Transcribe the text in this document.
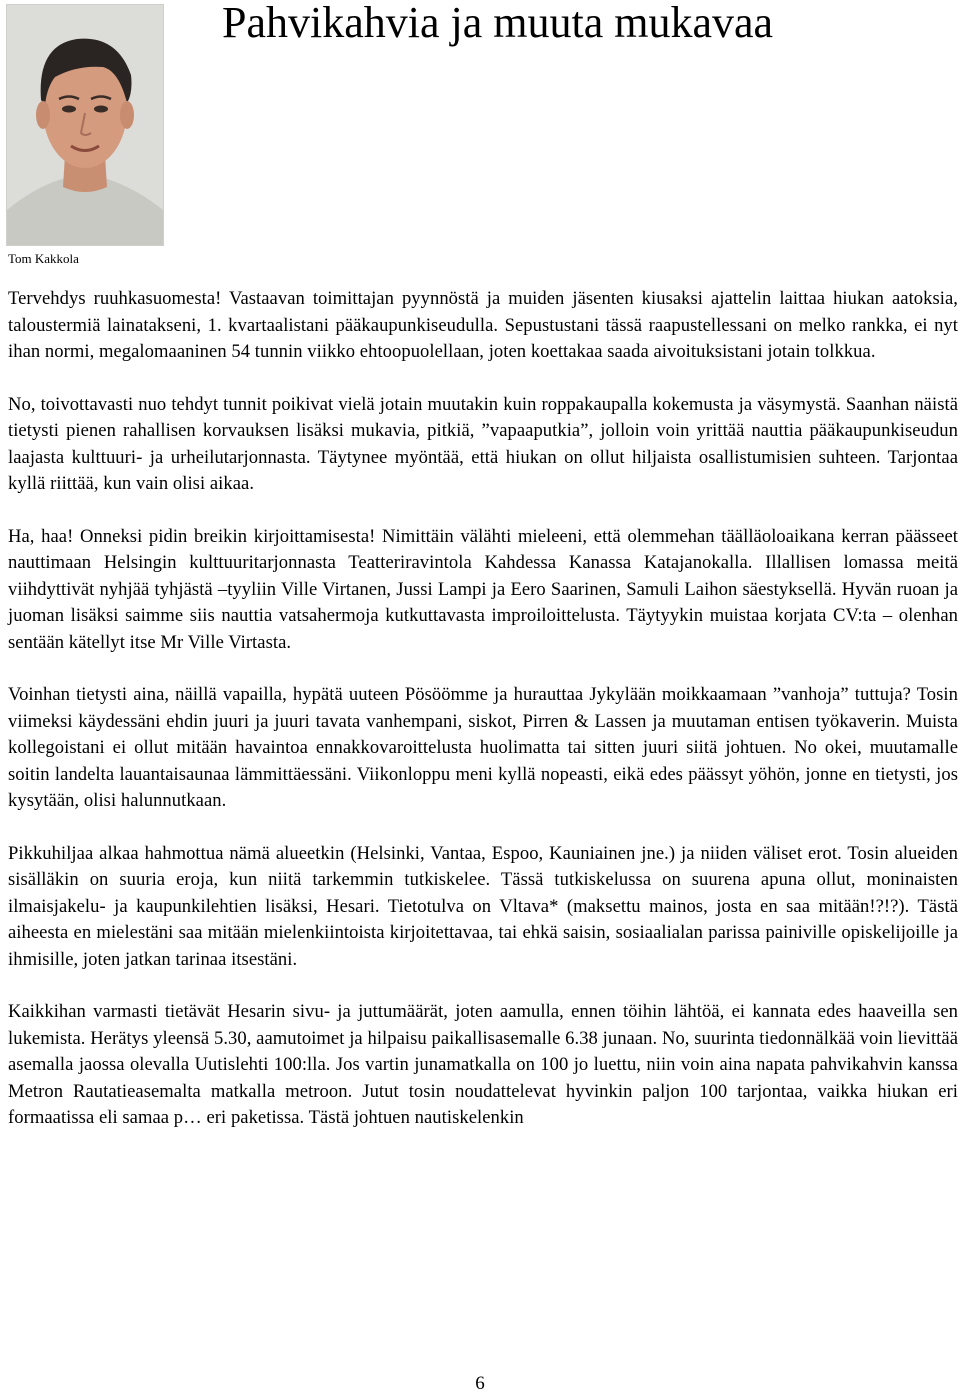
Tom Kakkola
Pahvikahvia ja muuta mukavaa

Tervehdys ruuhkasuomesta! Vastaavan toimittajan pyynnöstä ja muiden jäsenten kiusaksi ajattelin laittaa hiukan aatoksia, taloustermiä lainatakseni, 1. kvartaalistani pääkaupunkiseudulla. Sepustustani tässä raapustellessani on melko rankka, ei nyt ihan normi, megalomaaninen 54 tunnin viikko ehtoopuolellaan, joten koettakaa saada aivoituksistani jotain tolkkua.

No, toivottavasti nuo tehdyt tunnit poikivat vielä jotain muutakin kuin roppakaupalla kokemusta ja väsymystä. Saanhan näistä tietysti pienen rahallisen korvauksen lisäksi mukavia, pitkiä, ”vapaaputkia”, jolloin voin yrittää nauttia pääkaupunkiseudun laajasta kulttuuri- ja urheilutarjonnasta. Täytynee myöntää, että hiukan on ollut hiljaista osallistumisien suhteen. Tarjontaa kyllä riittää, kun vain olisi aikaa.

Ha, haa! Onneksi pidin breikin kirjoittamisesta! Nimittäin välähti mieleeni, että olemmehan täälläoloaikana kerran päässeet nauttimaan Helsingin kulttuuritarjonnasta Teatteriravintola Kahdessa Kanassa Katajanokalla. Illallisen lomassa meitä viihdyttivät nyhjää tyhjästä –tyyliin Ville Virtanen, Jussi Lampi ja Eero Saarinen, Samuli Laihon säestyksellä. Hyvän ruoan ja juoman lisäksi saimme siis nauttia vatsahermoja kutkuttavasta improiloittelusta. Täytyykin muistaa korjata CV:ta – olenhan sentään kätellyt itse Mr Ville Virtasta.

Voinhan tietysti aina, näillä vapailla, hypätä uuteen Pösöömme ja hurauttaa Jykylään moikkaamaan ”vanhoja” tuttuja? Tosin viimeksi käydessäni ehdin juuri ja juuri tavata vanhempani, siskot, Pirren & Lassen ja muutaman entisen työkaverin. Muista kollegoistani ei ollut mitään havaintoa ennakkovaroittelusta huolimatta tai sitten juuri siitä johtuen. No okei, muutamalle soitin landelta lauantaisaunaa lämmittäessäni. Viikonloppu meni kyllä nopeasti, eikä edes päässyt yöhön, jonne en tietysti, jos kysytään, olisi halunnutkaan.

Pikkuhiljaa alkaa hahmottua nämä alueetkin (Helsinki, Vantaa, Espoo, Kauniainen jne.) ja niiden väliset erot. Tosin alueiden sisälläkin on suuria eroja, kun niitä tarkemmin tutkiskelee. Tässä tutkiskelussa on suurena apuna ollut, moninaisten ilmaisjakelu- ja kaupunkilehtien lisäksi, Hesari. Tietotulva on Vltava* (maksettu mainos, josta en saa mitään!?!?). Tästä aiheesta en mielestäni saa mitään mielenkiintoista kirjoitettavaa, tai ehkä saisin, sosiaalialan parissa painiville opiskelijoille ja ihmisille, joten jatkan tarinaa itsestäni.

Kaikkihan varmasti tietävät Hesarin sivu- ja juttumäärät, joten aamulla, ennen töihin lähtöä, ei kannata edes haaveilla sen lukemista. Herätys yleensä 5.30, aamutoimet ja hilpaisu paikallisasemalle 6.38 junaan. No, suurinta tiedonnälkää voin lievittää asemalla jaossa olevalla Uutislehti 100:lla. Jos vartin junamatkalla on 100 jo luettu, niin voin aina napata pahvikahvin kanssa Metron Rautatieasemalta matkalla metroon. Jutut tosin noudattelevat hyvinkin paljon 100 tarjontaa, vaikka hiukan eri formaatissa eli samaa p… eri paketissa. Tästä johtuen nautiskelenkin

6
